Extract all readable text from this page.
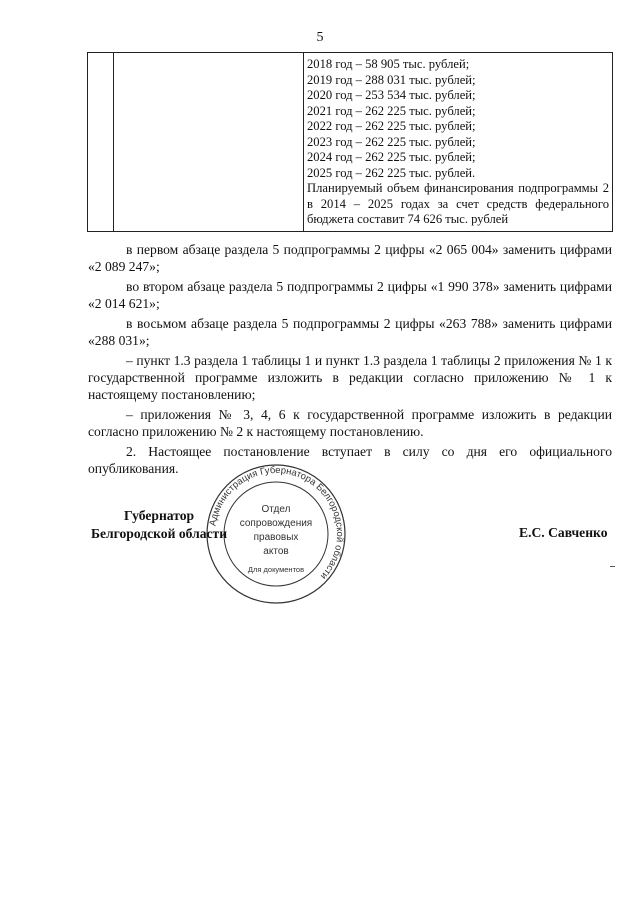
5

2018 год – 58 905 тыс. рублей;
2019 год – 288 031 тыс. рублей;
2020 год – 253 534 тыс. рублей;
2021 год – 262 225 тыс. рублей;
2022 год – 262 225 тыс. рублей;
2023 год – 262 225 тыс. рублей;
2024 год – 262 225 тыс. рублей;
2025 год – 262 225 тыс. рублей.
Планируемый объем финансирования подпрограммы 2 в 2014 – 2025 годах за счет средств федерального бюджета составит 74 626 тыс. рублей

в первом абзаце раздела 5 подпрограммы 2 цифры «2 065 004» заменить цифрами «2 089 247»;

во втором абзаце раздела 5 подпрограммы 2 цифры «1 990 378» заменить цифрами «2 014 621»;

в восьмом абзаце раздела 5 подпрограммы 2 цифры «263 788» заменить цифрами «288 031»;

– пункт 1.3 раздела 1 таблицы 1 и пункт 1.3 раздела 1 таблицы 2 приложения № 1 к государственной программе изложить в редакции согласно приложению № 1 к настоящему постановлению;

– приложения № 3, 4, 6 к государственной программе изложить в редакции согласно приложению № 2 к настоящему постановлению.

2. Настоящее постановление вступает в силу со дня его официального опубликования.

Администрация Губернатора Белгородской области
Отдел
сопровождения
правовых
актов
Для документов
Губернатор
Белгородской области	Е.С. Савченко
